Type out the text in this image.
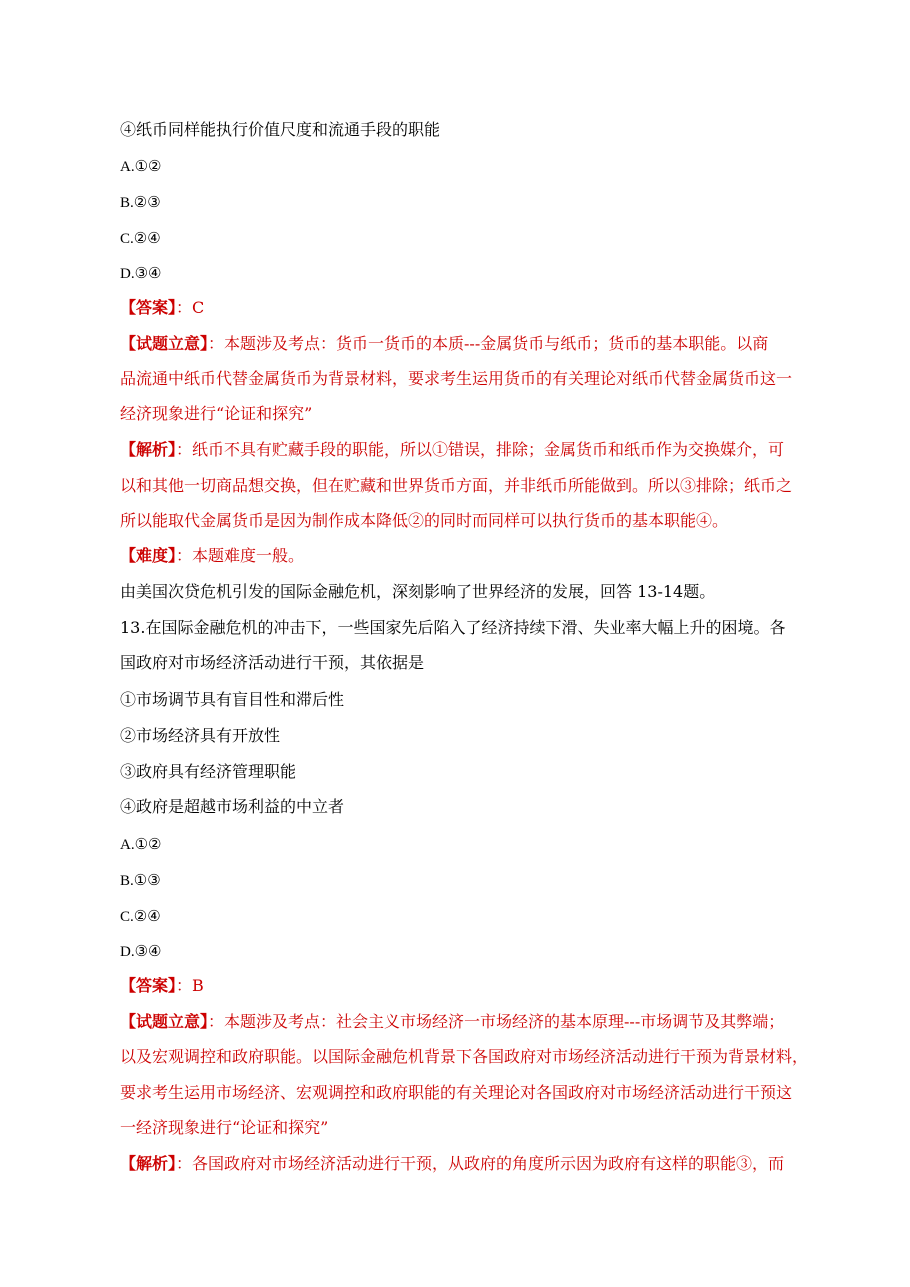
④纸币同样能执行价值尺度和流通手段的职能
A.①②
B.②③
C.②④
D.③④
【答案】：C
【试题立意】：本题涉及考点：货币一货币的本质---金属货币与纸币；货币的基本职能。以商
品流通中纸币代替金属货币为背景材料，要求考生运用货币的有关理论对纸币代替金属货币这一
经济现象进行“论证和探究”
【解析】：纸币不具有贮藏手段的职能，所以①错误，排除；金属货币和纸币作为交换媒介，可
以和其他一切商品想交换，但在贮藏和世界货币方面，并非纸币所能做到。所以③排除；纸币之
所以能取代金属货币是因为制作成本降低②的同时而同样可以执行货币的基本职能④。
【难度】：本题难度一般。
由美国次贷危机引发的国际金融危机，深刻影响了世界经济的发展，回答 13-14题。
13.在国际金融危机的冲击下，一些国家先后陷入了经济持续下滑、失业率大幅上升的困境。各
国政府对市场经济活动进行干预，其依据是
①市场调节具有盲目性和滞后性
②市场经济具有开放性
③政府具有经济管理职能
④政府是超越市场利益的中立者
A.①②
B.①③
C.②④
D.③④
【答案】：B
【试题立意】：本题涉及考点：社会主义市场经济一市场经济的基本原理---市场调节及其弊端；
以及宏观调控和政府职能。以国际金融危机背景下各国政府对市场经济活动进行干预为背景材料，
要求考生运用市场经济、宏观调控和政府职能的有关理论对各国政府对市场经济活动进行干预这
一经济现象进行“论证和探究”
【解析】：各国政府对市场经济活动进行干预，从政府的角度所示因为政府有这样的职能③，而
